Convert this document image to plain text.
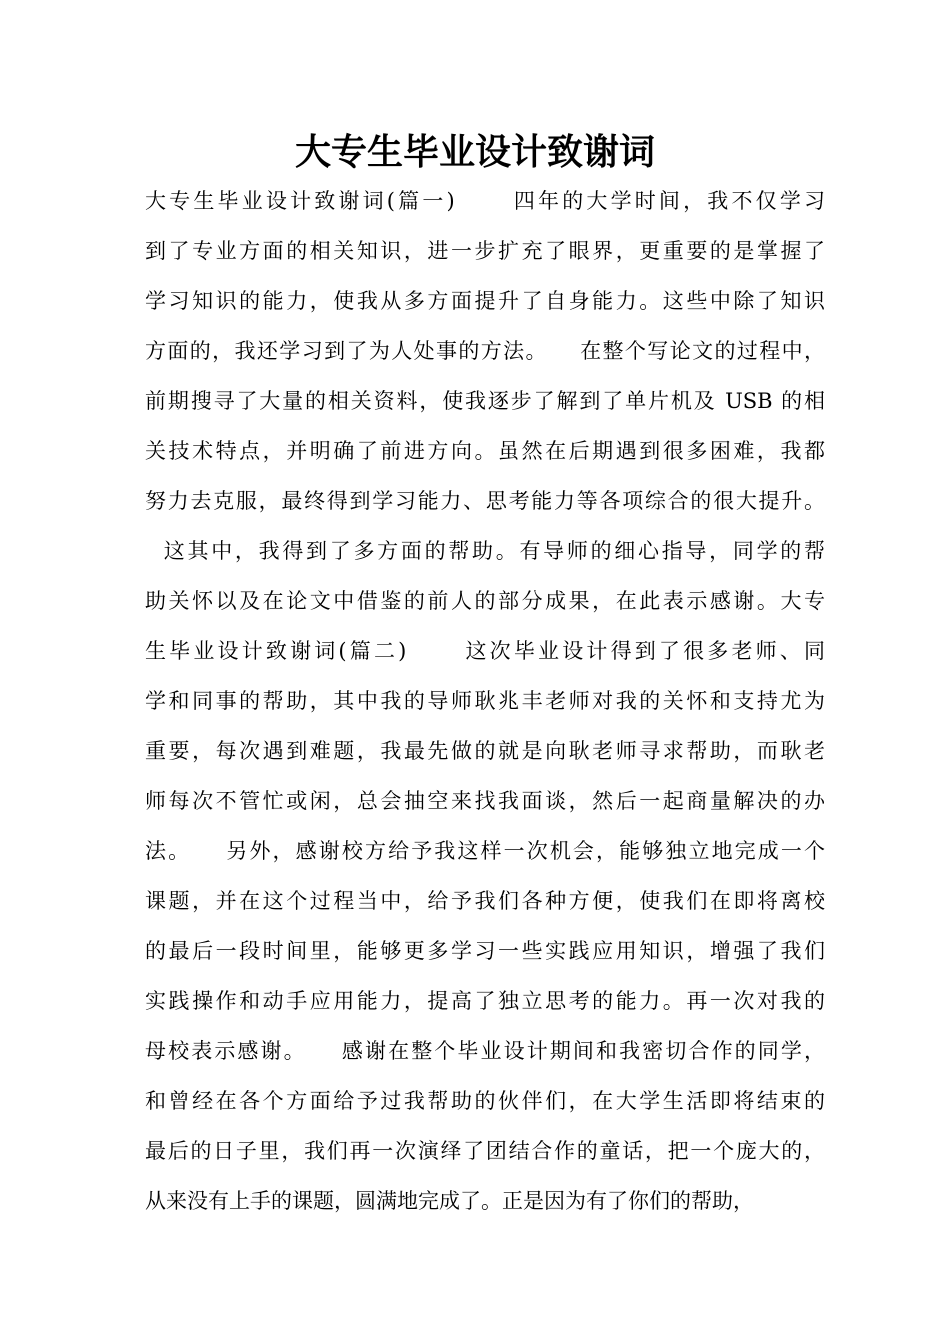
大专生毕业设计致谢词
大专生毕业设计致谢词(篇一)      四年的大学时间，我不仅学习
到了专业方面的相关知识，进一步扩充了眼界，更重要的是掌握了
学习知识的能力，使我从多方面提升了自身能力。这些中除了知识
方面的，我还学习到了为人处事的方法。    在整个写论文的过程中，
前期搜寻了大量的相关资料，使我逐步了解到了单片机及 USB 的相
关技术特点，并明确了前进方向。虽然在后期遇到很多困难，我都
努力去克服，最终得到学习能力、思考能力等各项综合的很大提升。
这其中，我得到了多方面的帮助。有导师的细心指导，同学的帮
助关怀以及在论文中借鉴的前人的部分成果，在此表示感谢。大专
生毕业设计致谢词(篇二)      这次毕业设计得到了很多老师、同
学和同事的帮助，其中我的导师耿兆丰老师对我的关怀和支持尤为
重要，每次遇到难题，我最先做的就是向耿老师寻求帮助，而耿老
师每次不管忙或闲，总会抽空来找我面谈，然后一起商量解决的办
法。    另外，感谢校方给予我这样一次机会，能够独立地完成一个
课题，并在这个过程当中，给予我们各种方便，使我们在即将离校
的最后一段时间里，能够更多学习一些实践应用知识，增强了我们
实践操作和动手应用能力，提高了独立思考的能力。再一次对我的
母校表示感谢。    感谢在整个毕业设计期间和我密切合作的同学，
和曾经在各个方面给予过我帮助的伙伴们，在大学生活即将结束的
最后的日子里，我们再一次演绎了团结合作的童话，把一个庞大的，
从来没有上手的课题，圆满地完成了。正是因为有了你们的帮助，
